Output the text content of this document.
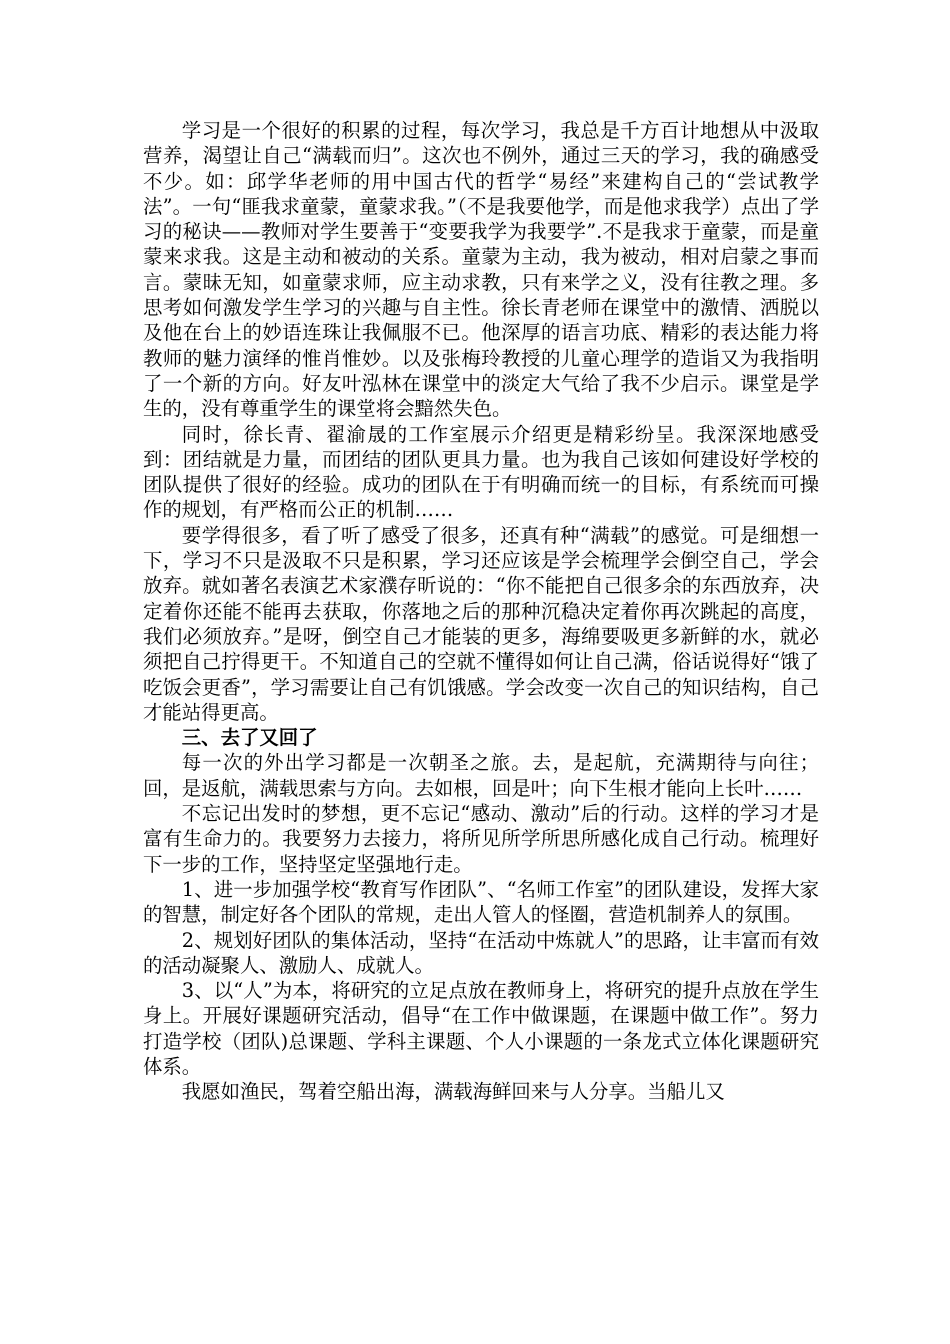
学习是一个很好的积累的过程，每次学习，我总是千方百计地想从中汲取营养，渴望让自己“满载而归”。这次也不例外，通过三天的学习，我的确感受不少。如：邱学华老师的用中国古代的哲学“易经”来建构自己的“尝试教学法”。一句“匪我求童蒙，童蒙求我。”（不是我要他学，而是他求我学）点出了学习的秘诀——教师对学生要善于“变要我学为我要学”.不是我求于童蒙，而是童蒙来求我。这是主动和被动的关系。童蒙为主动，我为被动，相对启蒙之事而言。蒙昧无知，如童蒙求师，应主动求教，只有来学之义，没有往教之理。多思考如何激发学生学习的兴趣与自主性。徐长青老师在课堂中的激情、洒脱以及他在台上的妙语连珠让我佩服不已。他深厚的语言功底、精彩的表达能力将教师的魅力演绎的惟肖惟妙。以及张梅玲教授的儿童心理学的造诣又为我指明了一个新的方向。好友叶泓林在课堂中的淡定大气给了我不少启示。课堂是学生的，没有尊重学生的课堂将会黯然失色。

同时，徐长青、翟渝晟的工作室展示介绍更是精彩纷呈。我深深地感受到：团结就是力量，而团结的团队更具力量。也为我自己该如何建设好学校的团队提供了很好的经验。成功的团队在于有明确而统一的目标，有系统而可操作的规划，有严格而公正的机制……

要学得很多，看了听了感受了很多，还真有种“满载”的感觉。可是细想一下，学习不只是汲取不只是积累，学习还应该是学会梳理学会倒空自己，学会放弃。就如著名表演艺术家濮存昕说的：“你不能把自己很多余的东西放弃，决定着你还能不能再去获取，你落地之后的那种沉稳决定着你再次跳起的高度，我们必须放弃。”是呀，倒空自己才能装的更多，海绵要吸更多新鲜的水，就必须把自己拧得更干。不知道自己的空就不懂得如何让自己满，俗话说得好“饿了吃饭会更香”，学习需要让自己有饥饿感。学会改变一次自己的知识结构，自己才能站得更高。

三、去了又回了

每一次的外出学习都是一次朝圣之旅。去，是起航，充满期待与向往；回，是返航，满载思索与方向。去如根，回是叶；向下生根才能向上长叶……

不忘记出发时的梦想，更不忘记“感动、激动”后的行动。这样的学习才是富有生命力的。我要努力去接力，将所见所学所思所感化成自己行动。梳理好下一步的工作，坚持坚定坚强地行走。

1、进一步加强学校“教育写作团队”、“名师工作室”的团队建设，发挥大家的智慧，制定好各个团队的常规，走出人管人的怪圈，营造机制养人的氛围。

2、规划好团队的集体活动，坚持“在活动中炼就人”的思路，让丰富而有效的活动凝聚人、激励人、成就人。

3、以“人”为本，将研究的立足点放在教师身上，将研究的提升点放在学生身上。开展好课题研究活动，倡导“在工作中做课题，在课题中做工作”。努力打造学校（团队)总课题、学科主课题、个人小课题的一条龙式立体化课题研究体系。

我愿如渔民，驾着空船出海，满载海鲜回来与人分享。当船儿又
